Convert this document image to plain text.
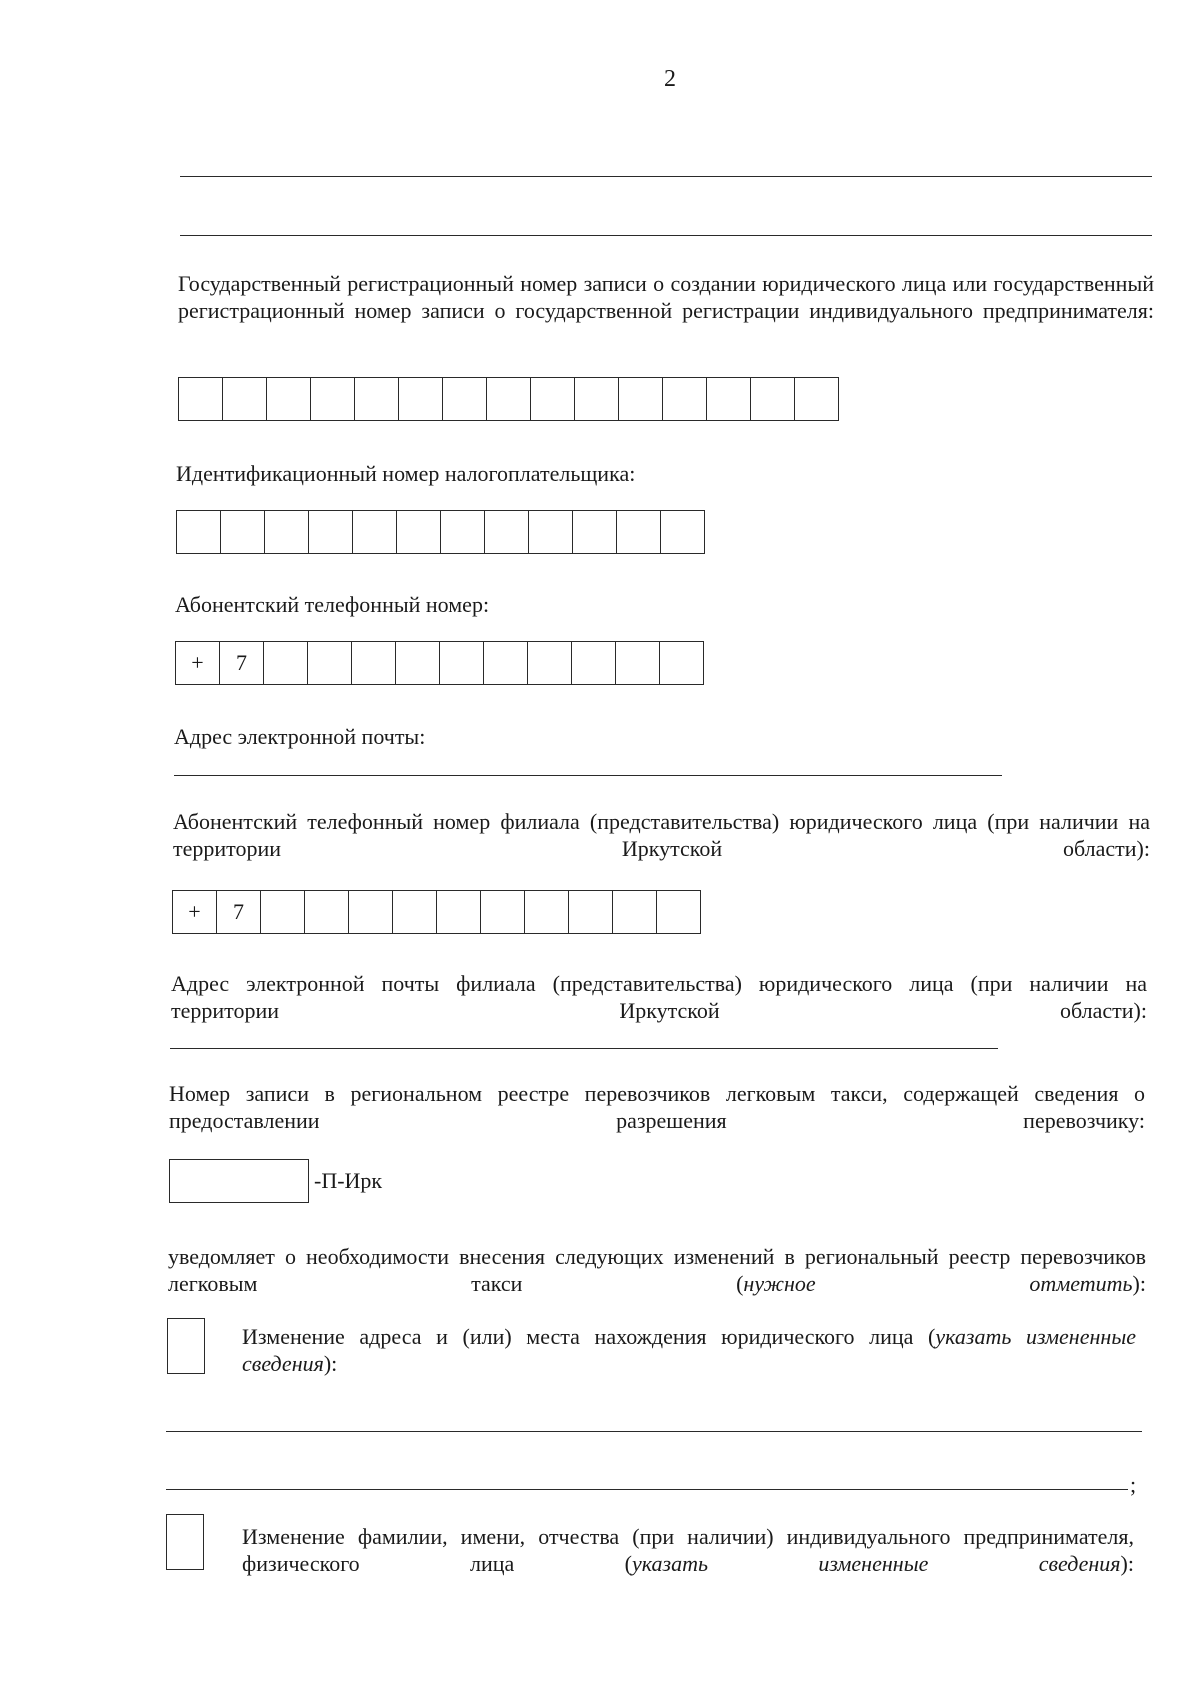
2
Государственный регистрационный номер записи о создании юридического лица или государственный регистрационный номер записи о государственной регистрации индивидуального предпринимателя:
Идентификационный номер налогоплательщика:
Абонентский телефонный номер:
+	7
Адрес электронной почты:
Абонентский телефонный номер филиала (представительства) юридического лица (при наличии на территории Иркутской области):
+	7
Адрес электронной почты филиала (представительства) юридического лица (при наличии на территории Иркутской области):
Номер записи в региональном реестре перевозчиков легковым такси, содержащей сведения о предоставлении разрешения перевозчику:
-П-Ирк
уведомляет о необходимости внесения следующих изменений в региональный реестр перевозчиков легковым такси (нужное отметить):
Изменение адреса и (или) места нахождения юридического лица (указать измененные сведения):
;
Изменение фамилии, имени, отчества (при наличии) индивидуального предпринимателя, физического лица (указать измененные сведения):
